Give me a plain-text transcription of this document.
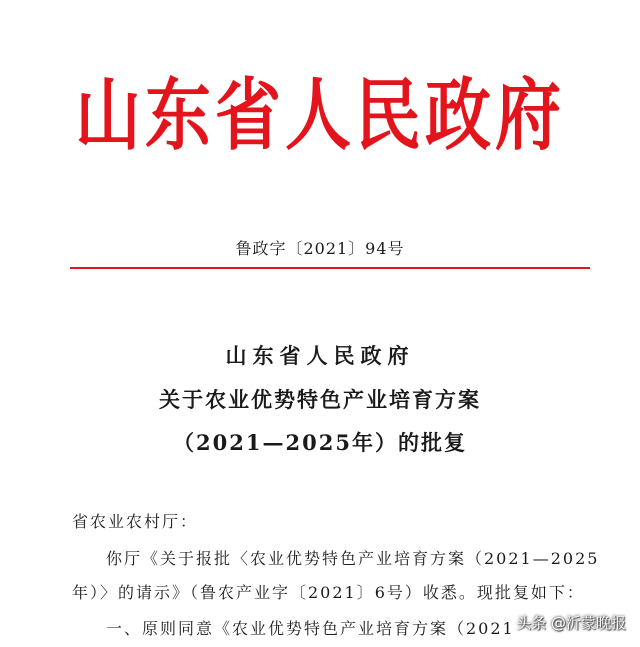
山东省人民政府
鲁政字〔2021〕94号
山东省人民政府
关于农业优势特色产业培育方案
（2021—2025年）的批复
省农业农村厅：
你厅《关于报批〈农业优势特色产业培育方案（2021—2025
年）〉的请示》（鲁农产业字〔2021〕6号）收悉。现批复如下：
一、原则同意《农业优势特色产业培育方案（2021 头条 @沂蒙晚报
